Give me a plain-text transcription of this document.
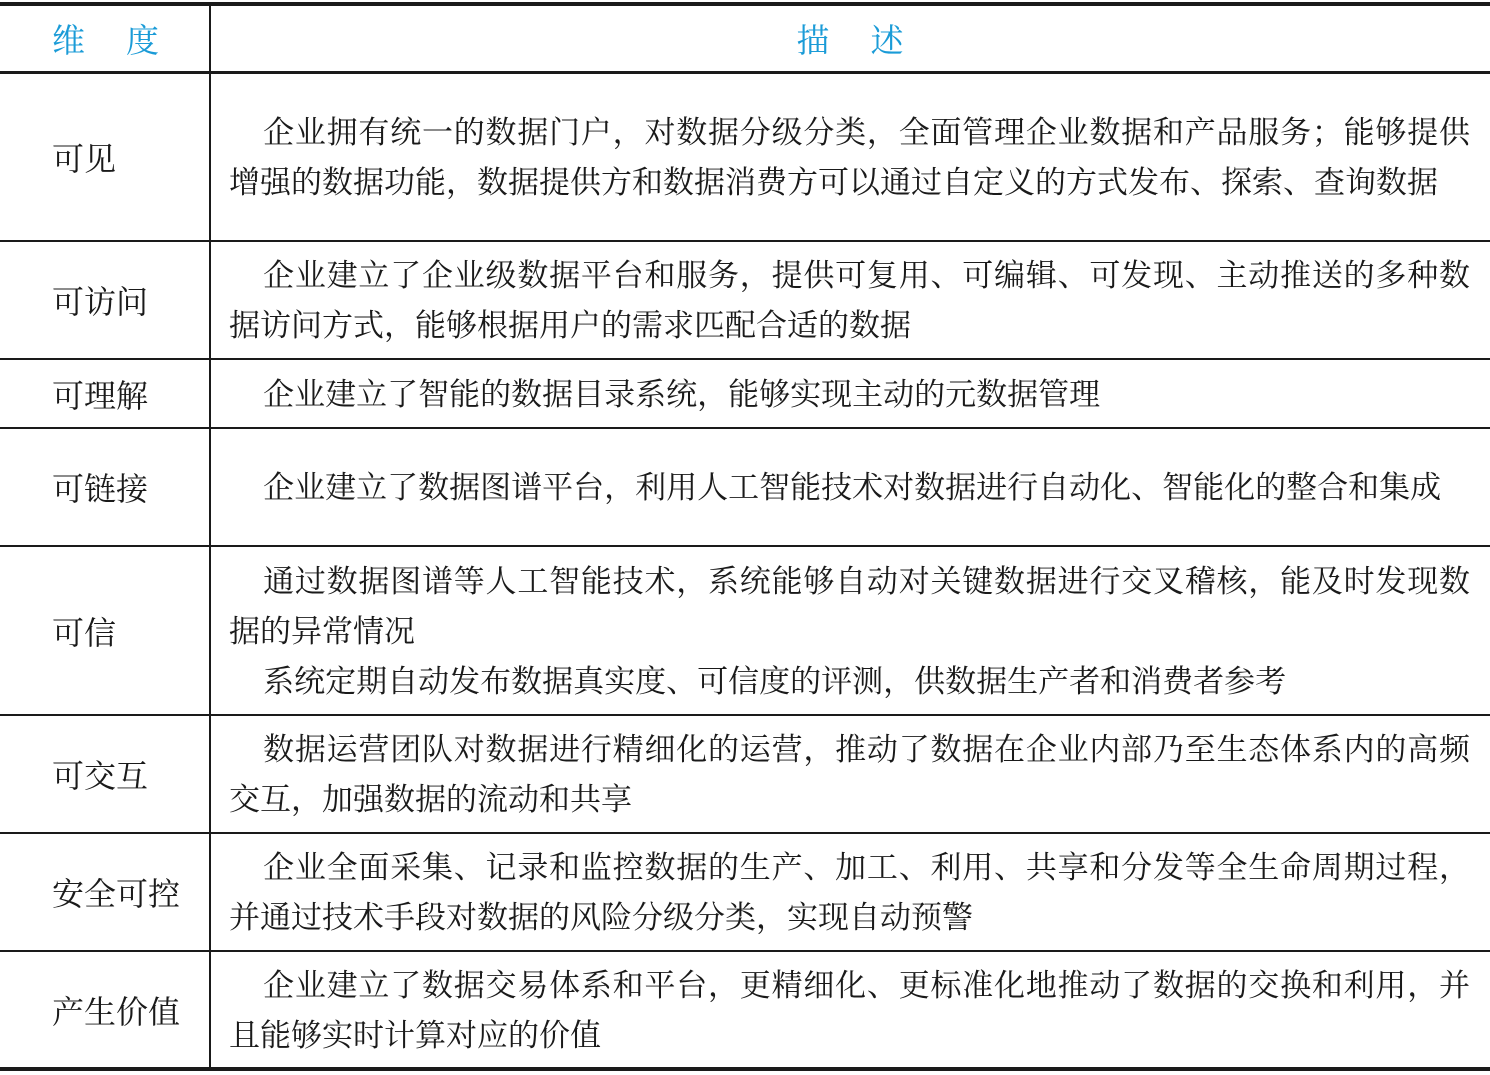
维 度	描 述
可见	企业拥有统一的数据门户，对数据分级分类，全面管理企业数据和产品服务；能够提供增强的数据功能，数据提供方和数据消费方可以通过自定义的方式发布、探索、查询数据

可访问	企业建立了企业级数据平台和服务，提供可复用、可编辑、可发现、主动推送的多种数据访问方式，能够根据用户的需求匹配合适的数据

可理解	企业建立了智能的数据目录系统，能够实现主动的元数据管理

可链接	企业建立了数据图谱平台，利用人工智能技术对数据进行自动化、智能化的整合和集成

可信	通过数据图谱等人工智能技术，系统能够自动对关键数据进行交叉稽核，能及时发现数据的异常情况
系统定期自动发布数据真实度、可信度的评测，供数据生产者和消费者参考

可交互	数据运营团队对数据进行精细化的运营，推动了数据在企业内部乃至生态体系内的高频交互，加强数据的流动和共享

安全可控	企业全面采集、记录和监控数据的生产、加工、利用、共享和分发等全生命周期过程，并通过技术手段对数据的风险分级分类，实现自动预警

产生价值	企业建立了数据交易体系和平台，更精细化、更标准化地推动了数据的交换和利用，并且能够实时计算对应的价值
